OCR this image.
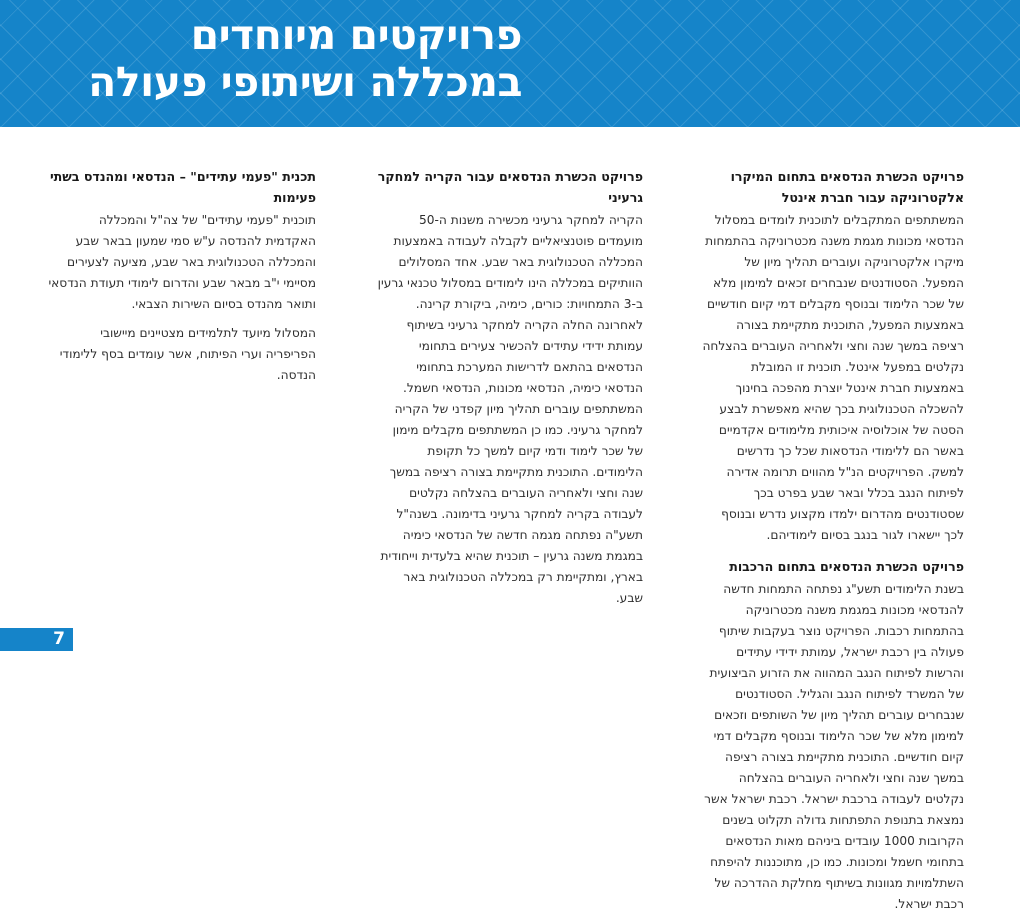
פרויקטים מיוחדים
במכללה ושיתופי פעולה
פרויקט הכשרת הנדסאים בתחום המיקרו אלקטרוניקה עבור חברת אינטל

המשתתפים המתקבלים לתוכנית לומדים במסלול הנדסאי מכונות מגמת משנה מכטרוניקה בהתמחות מיקרו אלקטרוניקה ועוברים תהליך מיון של המפעל. הסטודנטים שנבחרים זכאים למימון מלא של שכר הלימוד ובנוסף מקבלים דמי קיום חודשיים באמצעות המפעל, התוכנית מתקיימת בצורה רציפה במשך שנה וחצי ולאחריה העוברים בהצלחה נקלטים במפעל אינטל. תוכנית זו המובלת באמצעות חברת אינטל יוצרת מהפכה בחינוך להשכלה הטכנולוגית בכך שהיא מאפשרת לבצע הסטה של אוכלוסיה איכותית מלימודים אקדמיים באשר הם ללימודי הנדסאות שכל כך נדרשים למשק. הפרויקטים הנ"ל מהווים תרומה אדירה לפיתוח הנגב בכלל ובאר שבע בפרט בכך שסטודנטים מהדרום ילמדו מקצוע נדרש ובנוסף לכך יישארו לגור בנגב בסיום לימודיהם.

פרויקט הכשרת הנדסאים בתחום הרכבות

בשנת הלימודים תשע"ג נפתחה התמחות חדשה להנדסאי מכונות במגמת משנה מכטרוניקה בהתמחות רכבות. הפרויקט נוצר בעקבות שיתוף פעולה בין רכבת ישראל, עמותת ידידי עתידים והרשות לפיתוח הנגב המהווה את הזרוע הביצועית של המשרד לפיתוח הנגב והגליל. הסטודנטים שנבחרים עוברים תהליך מיון של השותפים וזכאים למימון מלא של שכר הלימוד ובנוסף מקבלים דמי קיום חודשיים. התוכנית מתקיימת בצורה רציפה במשך שנה וחצי ולאחריה העוברים בהצלחה נקלטים לעבודה ברכבת ישראל. רכבת ישראל אשר נמצאת בתנופת התפתחות גדולה תקלוט בשנים הקרובות 1000 עובדים ביניהם מאות הנדסאים בתחומי חשמל ומכונות. כמו כן, מתוכננות להיפתח השתלמויות מגוונות בשיתוף מחלקת ההדרכה של רכבת ישראל.

פרויקט הכשרת הנדסאים עבור הקריה למחקר גרעיני

הקריה למחקר גרעיני מכשירה משנות ה-50 מועמדים פוטנציאליים לקבלה לעבודה באמצעות המכללה הטכנולוגית באר שבע. אחד המסלולים הוותיקים במכללה הינו לימודים במסלול טכנאי גרעין ב-3 התמחויות: כורים, כימיה, ביקורת קרינה. לאחרונה החלה הקריה למחקר גרעיני בשיתוף עמותת ידידי עתידים להכשיר צעירים בתחומי הנדסאים בהתאם לדרישות המערכת בתחומי הנדסאי כימיה, הנדסאי מכונות, הנדסאי חשמל. המשתתפים עוברים תהליך מיון קפדני של הקריה למחקר גרעיני. כמו כן המשתתפים מקבלים מימון של שכר לימוד ודמי קיום למשך כל תקופת הלימודים. התוכנית מתקיימת בצורה רציפה במשך שנה וחצי ולאחריה העוברים בהצלחה נקלטים לעבודה בקריה למחקר גרעיני בדימונה. בשנה"ל תשע"ה נפתחה מגמה חדשה של הנדסאי כימיה במגמת משנה גרעין – תוכנית שהיא בלעדית וייחודית בארץ, ומתקיימת רק במכללה הטכנולוגית באר שבע.

תכנית "פעמי עתידים" – הנדסאי ומהנדס בשתי פעימות

תוכנית "פעמי עתידים" של צה"ל והמכללה האקדמית להנדסה ע"ש סמי שמעון בבאר שבע והמכללה הטכנולוגית באר שבע, מציעה לצעירים מסיימי י"ב מבאר שבע והדרום לימודי תעודת הנדסאי ותואר מהנדס בסיום השירות הצבאי.

המסלול מיועד לתלמידים מצטיינים מיישובי הפריפריה וערי הפיתוח, אשר עומדים בסף ללימודי הנדסה.

7
